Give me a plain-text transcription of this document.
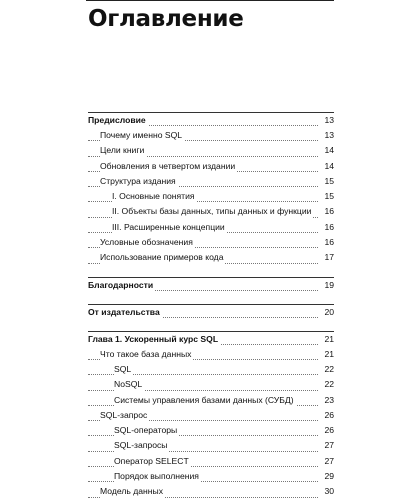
Оглавление
Предисловие	13
Почему именно SQL	13
Цели книги	14
Обновления в четвертом издании	14
Структура издания	15
I. Основные понятия	15
II. Объекты базы данных, типы данных и функции	16
III. Расширенные концепции	16
Условные обозначения	16
Использование примеров кода	17
Благодарности	19
От издательства	20
Глава 1. Ускоренный курс SQL	21
Что такое база данных	21
SQL	22
NoSQL	22
Системы управления базами данных (СУБД)	23
SQL-запрос	26
SQL-операторы	26
SQL-запросы	27
Оператор SELECT	27
Порядок выполнения	29
Модель данных	30
